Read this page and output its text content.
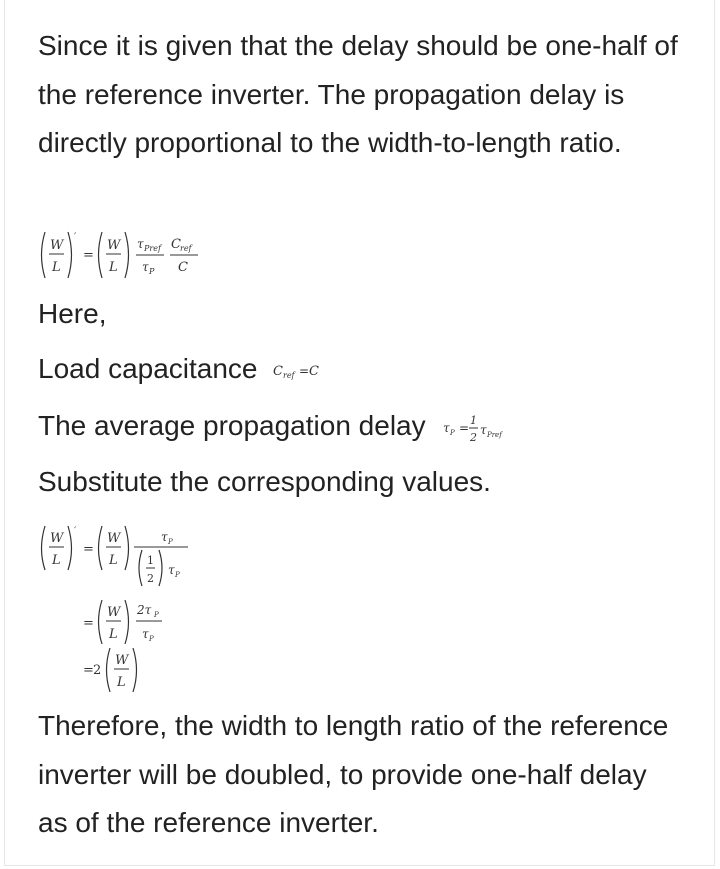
Since it is given that the delay should be one-half of the reference inverter. The propagation delay is directly proportional to the width-to-length ratio.

W
L
′
=
W
L
τ Pref
τ P
C ref
C

Here,

Load capacitance C ref = C

The average propagation delay τ P =
1
2
τ Pref

Substitute the corresponding values.

W
L
′
=
W
L
τ P
1
2
τ P
=
W
L
2τ P
τ P
= 2
W
L

Therefore, the width to length ratio of the reference inverter will be doubled, to provide one-half delay as of the reference inverter.
